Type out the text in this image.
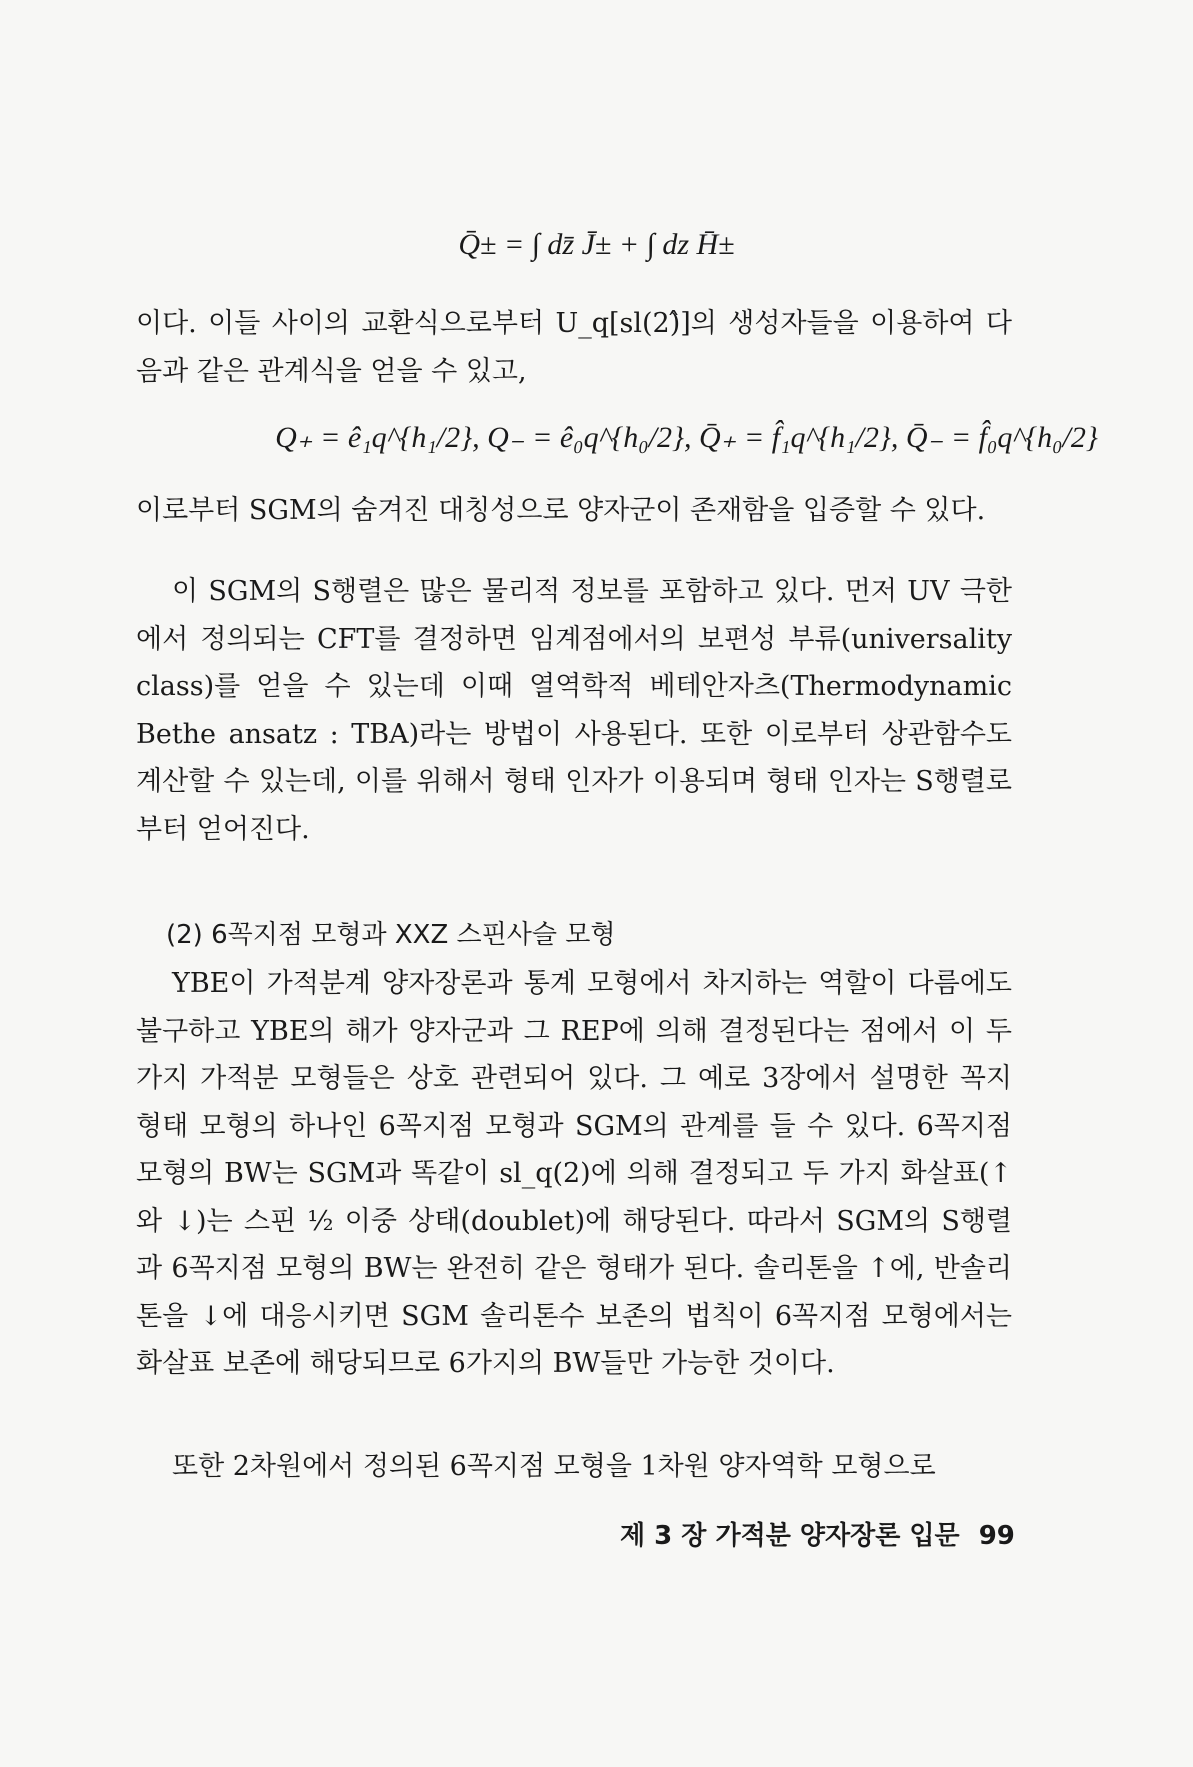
Q̄± = ∫ dz̄ J̄± + ∫ dz H̄±
이다. 이들 사이의 교환식으로부터 U_q[sl(2)̂]의 생성자들을 이용하여 다음과 같은 관계식을 얻을 수 있고,
Q₊ = ê₁q^{h₁/2}, Q₋ = ê₀q^{h₀/2}, Q̄₊ = f̂₁q^{h₁/2}, Q̄₋ = f̂₀q^{h₀/2}
이로부터 SGM의 숨겨진 대칭성으로 양자군이 존재함을 입증할 수 있다.
이 SGM의 S행렬은 많은 물리적 정보를 포함하고 있다. 먼저 UV 극한에서 정의되는 CFT를 결정하면 임계점에서의 보편성 부류(universality class)를 얻을 수 있는데 이때 열역학적 베테안자츠(Thermodynamic Bethe ansatz : TBA)라는 방법이 사용된다. 또한 이로부터 상관함수도 계산할 수 있는데, 이를 위해서 형태 인자가 이용되며 형태 인자는 S행렬로부터 얻어진다.
(2) 6꼭지점 모형과 XXZ 스핀사슬 모형
YBE이 가적분계 양자장론과 통계 모형에서 차지하는 역할이 다름에도 불구하고 YBE의 해가 양자군과 그 REP에 의해 결정된다는 점에서 이 두 가지 가적분 모형들은 상호 관련되어 있다. 그 예로 3장에서 설명한 꼭지 형태 모형의 하나인 6꼭지점 모형과 SGM의 관계를 들 수 있다. 6꼭지점 모형의 BW는 SGM과 똑같이 sl_q(2)에 의해 결정되고 두 가지 화살표(↑와 ↓)는 스핀 ½ 이중 상태(doublet)에 해당된다. 따라서 SGM의 S행렬과 6꼭지점 모형의 BW는 완전히 같은 형태가 된다. 솔리톤을 ↑에, 반솔리톤을 ↓에 대응시키면 SGM 솔리톤수 보존의 법칙이 6꼭지점 모형에서는 화살표 보존에 해당되므로 6가지의 BW들만 가능한 것이다.
또한 2차원에서 정의된 6꼭지점 모형을 1차원 양자역학 모형으로
제 3 장 가적분 양자장론 입문 99
